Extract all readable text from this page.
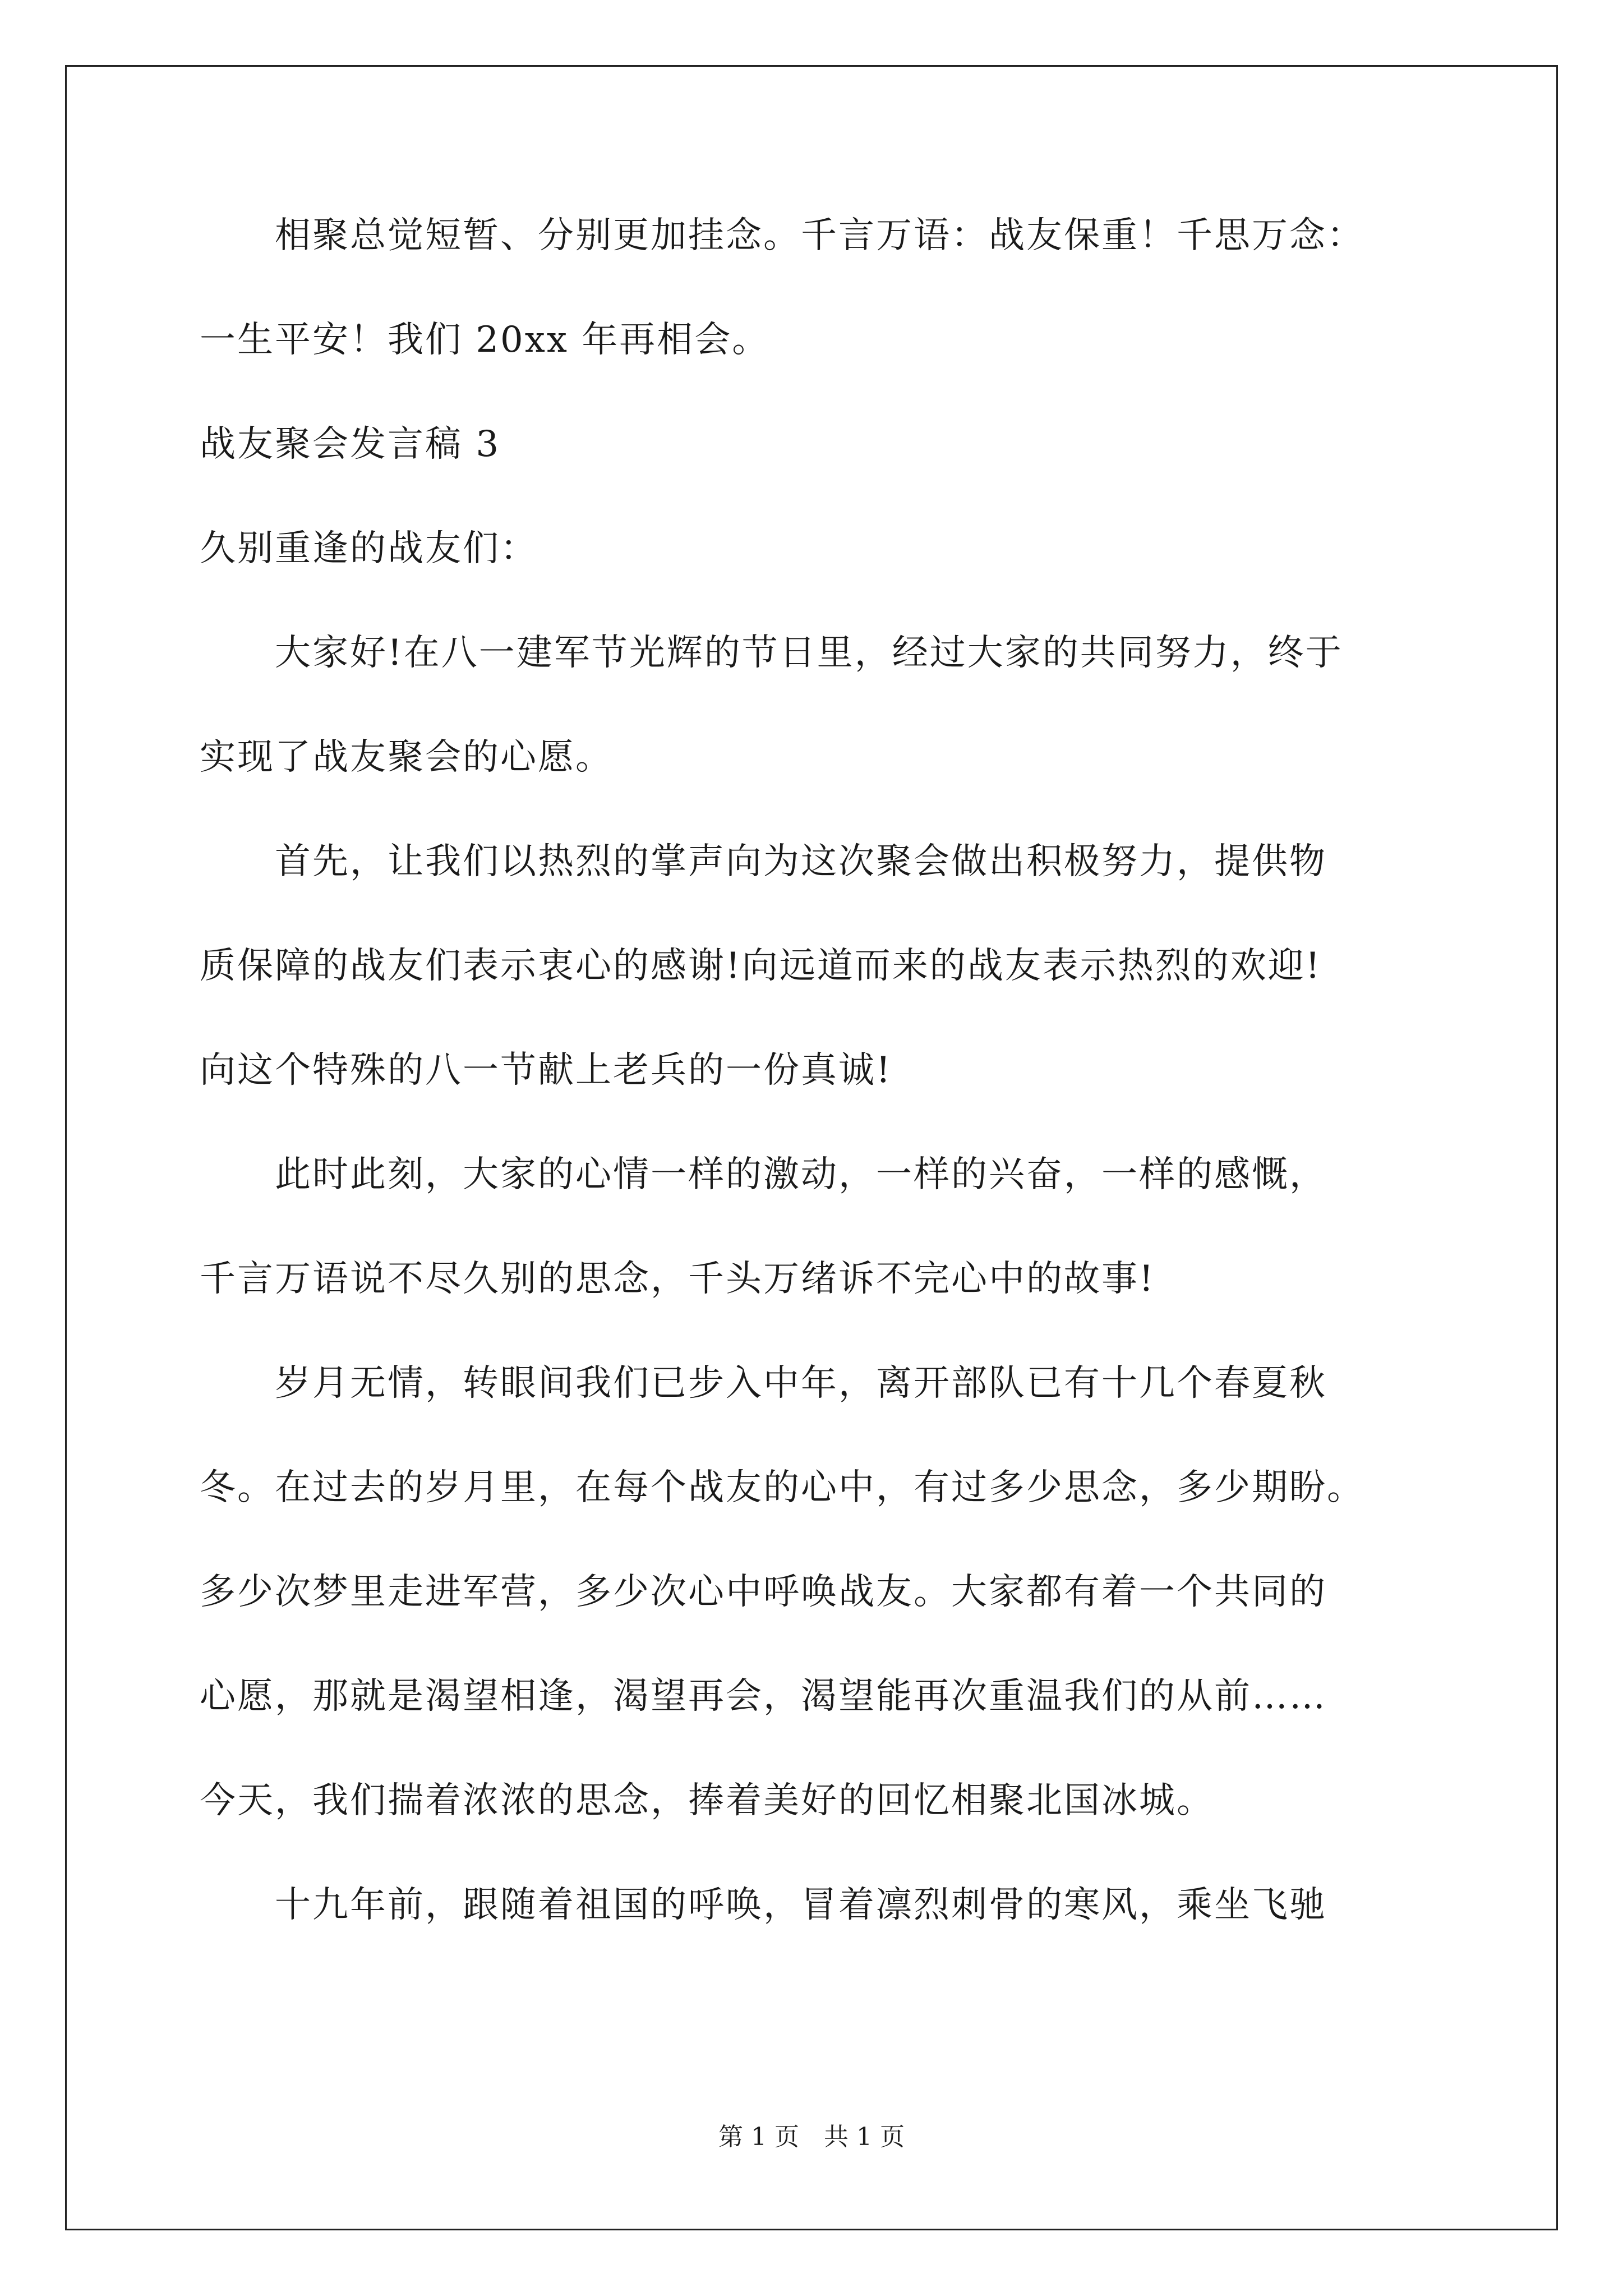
　　相聚总觉短暂、分别更加挂念。千言万语：战友保重！千思万念：
一生平安！我们 20xx 年再相会。
战友聚会发言稿 3
久别重逢的战友们：
　　大家好!在八一建军节光辉的节日里，经过大家的共同努力，终于
实现了战友聚会的心愿。
　　首先，让我们以热烈的掌声向为这次聚会做出积极努力，提供物
质保障的战友们表示衷心的感谢!向远道而来的战友表示热烈的欢迎!
向这个特殊的八一节献上老兵的一份真诚!
　　此时此刻，大家的心情一样的激动，一样的兴奋，一样的感慨，
千言万语说不尽久别的思念，千头万绪诉不完心中的故事!
　　岁月无情，转眼间我们已步入中年，离开部队已有十几个春夏秋
冬。在过去的岁月里，在每个战友的心中，有过多少思念，多少期盼。
多少次梦里走进军营，多少次心中呼唤战友。大家都有着一个共同的
心愿，那就是渴望相逢，渴望再会，渴望能再次重温我们的从前……
今天，我们揣着浓浓的思念，捧着美好的回忆相聚北国冰城。
　　十九年前，跟随着祖国的呼唤，冒着凛烈刺骨的寒风，乘坐飞驰
第 1 页　共 1 页
